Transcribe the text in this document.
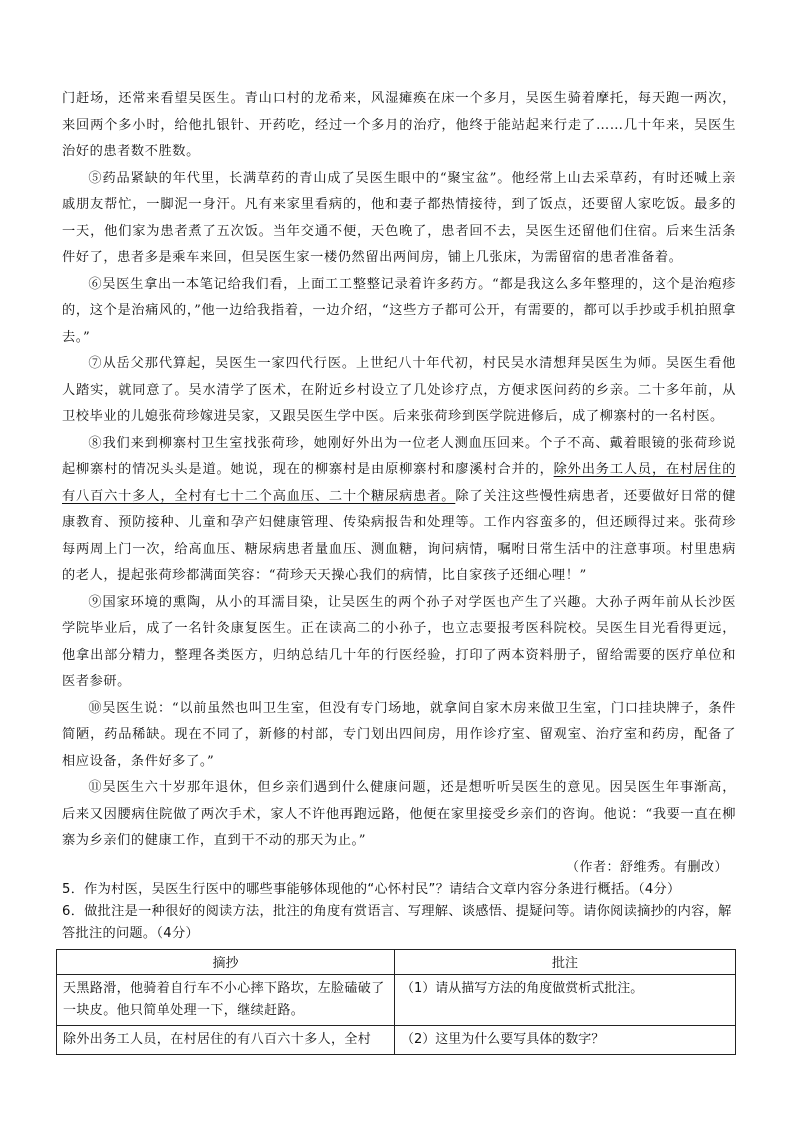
门赶场，还常来看望吴医生。青山口村的龙希来，风湿瘫痪在床一个多月，吴医生骑着摩托，每天跑一两次，来回两个多小时，给他扎银针、开药吃，经过一个多月的治疗，他终于能站起来行走了……几十年来，吴医生治好的患者数不胜数。

⑤药品紧缺的年代里，长满草药的青山成了吴医生眼中的“聚宝盆”。他经常上山去采草药，有时还喊上亲戚朋友帮忙，一脚泥一身汗。凡有来家里看病的，他和妻子都热情接待，到了饭点，还要留人家吃饭。最多的一天，他们家为患者煮了五次饭。当年交通不便，天色晚了，患者回不去，吴医生还留他们住宿。后来生活条件好了，患者多是乘车来回，但吴医生家一楼仍然留出两间房，铺上几张床，为需留宿的患者准备着。

⑥吴医生拿出一本笔记给我们看，上面工工整整记录着许多药方。“都是我这么多年整理的，这个是治疱疹的，这个是治痛风的，”他一边给我指着，一边介绍，“这些方子都可公开，有需要的，都可以手抄或手机拍照拿去。”

⑦从岳父那代算起，吴医生一家四代行医。上世纪八十年代初，村民吴水清想拜吴医生为师。吴医生看他人踏实，就同意了。吴水清学了医术，在附近乡村设立了几处诊疗点，方便求医问药的乡亲。二十多年前，从卫校毕业的儿媳张荷珍嫁进吴家，又跟吴医生学中医。后来张荷珍到医学院进修后，成了柳寨村的一名村医。

⑧我们来到柳寨村卫生室找张荷珍，她刚好外出为一位老人测血压回来。个子不高、戴着眼镜的张荷珍说起柳寨村的情况头头是道。她说，现在的柳寨村是由原柳寨村和廖溪村合并的，除外出务工人员，在村居住的有八百六十多人，全村有七十二个高血压、二十个糖尿病患者。除了关注这些慢性病患者，还要做好日常的健康教育、预防接种、儿童和孕产妇健康管理、传染病报告和处理等。工作内容蛮多的，但还顾得过来。张荷珍每两周上门一次，给高血压、糖尿病患者量血压、测血糖，询问病情，嘱咐日常生活中的注意事项。村里患病的老人，提起张荷珍都满面笑容：“荷珍天天操心我们的病情，比自家孩子还细心哩！”

⑨国家环境的熏陶，从小的耳濡目染，让吴医生的两个孙子对学医也产生了兴趣。大孙子两年前从长沙医学院毕业后，成了一名针灸康复医生。正在读高二的小孙子，也立志要报考医科院校。吴医生目光看得更远，他拿出部分精力，整理各类医方，归纳总结几十年的行医经验，打印了两本资料册子，留给需要的医疗单位和医者参研。

⑩吴医生说：“以前虽然也叫卫生室，但没有专门场地，就拿间自家木房来做卫生室，门口挂块牌子，条件简陋，药品稀缺。现在不同了，新修的村部，专门划出四间房，用作诊疗室、留观室、治疗室和药房，配备了相应设备，条件好多了。”

⑪吴医生六十岁那年退休，但乡亲们遇到什么健康问题，还是想听听吴医生的意见。因吴医生年事渐高，后来又因腰病住院做了两次手术，家人不许他再跑远路，他便在家里接受乡亲们的咨询。他说：“我要一直在柳寨为乡亲们的健康工作，直到干不动的那天为止。”

（作者：舒维秀。有删改）

5．作为村医，吴医生行医中的哪些事能够体现他的“心怀村民”？请结合文章内容分条进行概括。（4分）

6．做批注是一种很好的阅读方法，批注的角度有赏语言、写理解、谈感悟、提疑问等。请你阅读摘抄的内容，解答批注的问题。（4分）

摘抄	批注
天黑路滑，他骑着自行车不小心摔下路坎，左脸磕破了一块皮。他只简单处理一下，继续赶路。	（1）请从描写方法的角度做赏析式批注。
除外出务工人员，在村居住的有八百六十多人，全村	（2）这里为什么要写具体的数字？
